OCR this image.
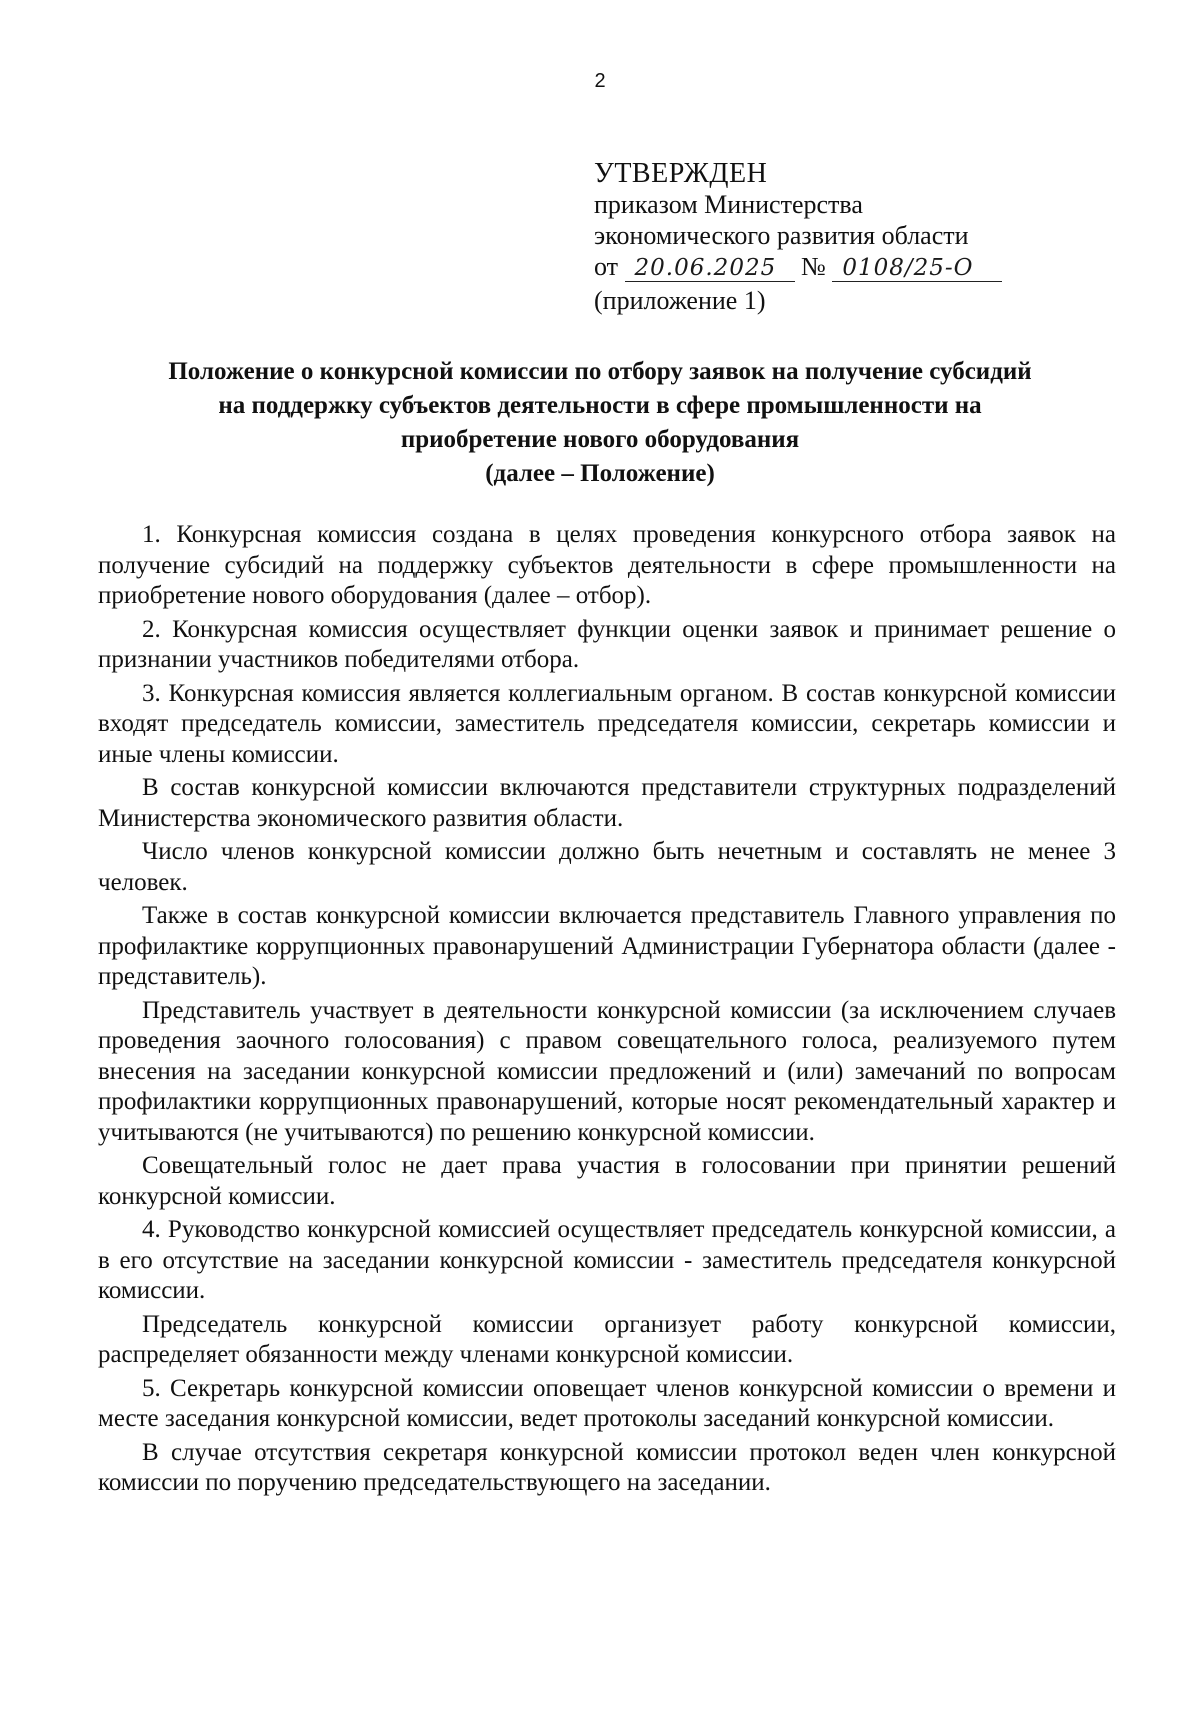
2
УТВЕРЖДЕН
приказом Министерства
экономического развития области
от 20.06.2025 № 0108/25-О
(приложение 1)
Положение о конкурсной комиссии по отбору заявок на получение субсидий
на поддержку субъектов деятельности в сфере промышленности на
приобретение нового оборудования
(далее – Положение)

1. Конкурсная комиссия создана в целях проведения конкурсного отбора заявок на получение субсидий на поддержку субъектов деятельности в сфере промышленности на приобретение нового оборудования (далее – отбор).

2. Конкурсная комиссия осуществляет функции оценки заявок и принимает решение о признании участников победителями отбора.

3. Конкурсная комиссия является коллегиальным органом. В состав конкурсной комиссии входят председатель комиссии, заместитель председателя комиссии, секретарь комиссии и иные члены комиссии.

В состав конкурсной комиссии включаются представители структурных подразделений Министерства экономического развития области.

Число членов конкурсной комиссии должно быть нечетным и составлять не менее 3 человек.

Также в состав конкурсной комиссии включается представитель Главного управления по профилактике коррупционных правонарушений Администрации Губернатора области (далее - представитель).

Представитель участвует в деятельности конкурсной комиссии (за исключением случаев проведения заочного голосования) с правом совещательного голоса, реализуемого путем внесения на заседании конкурсной комиссии предложений и (или) замечаний по вопросам профилактики коррупционных правонарушений, которые носят рекомендательный характер и учитываются (не учитываются) по решению конкурсной комиссии.

Совещательный голос не дает права участия в голосовании при принятии решений конкурсной комиссии.

4. Руководство конкурсной комиссией осуществляет председатель конкурсной комиссии, а в его отсутствие на заседании конкурсной комиссии - заместитель председателя конкурсной комиссии.

Председатель конкурсной комиссии организует работу конкурсной комиссии, распределяет обязанности между членами конкурсной комиссии.

5. Секретарь конкурсной комиссии оповещает членов конкурсной комиссии о времени и месте заседания конкурсной комиссии, ведет протоколы заседаний конкурсной комиссии.

В случае отсутствия секретаря конкурсной комиссии протокол веден член конкурсной комиссии по поручению председательствующего на заседании.
